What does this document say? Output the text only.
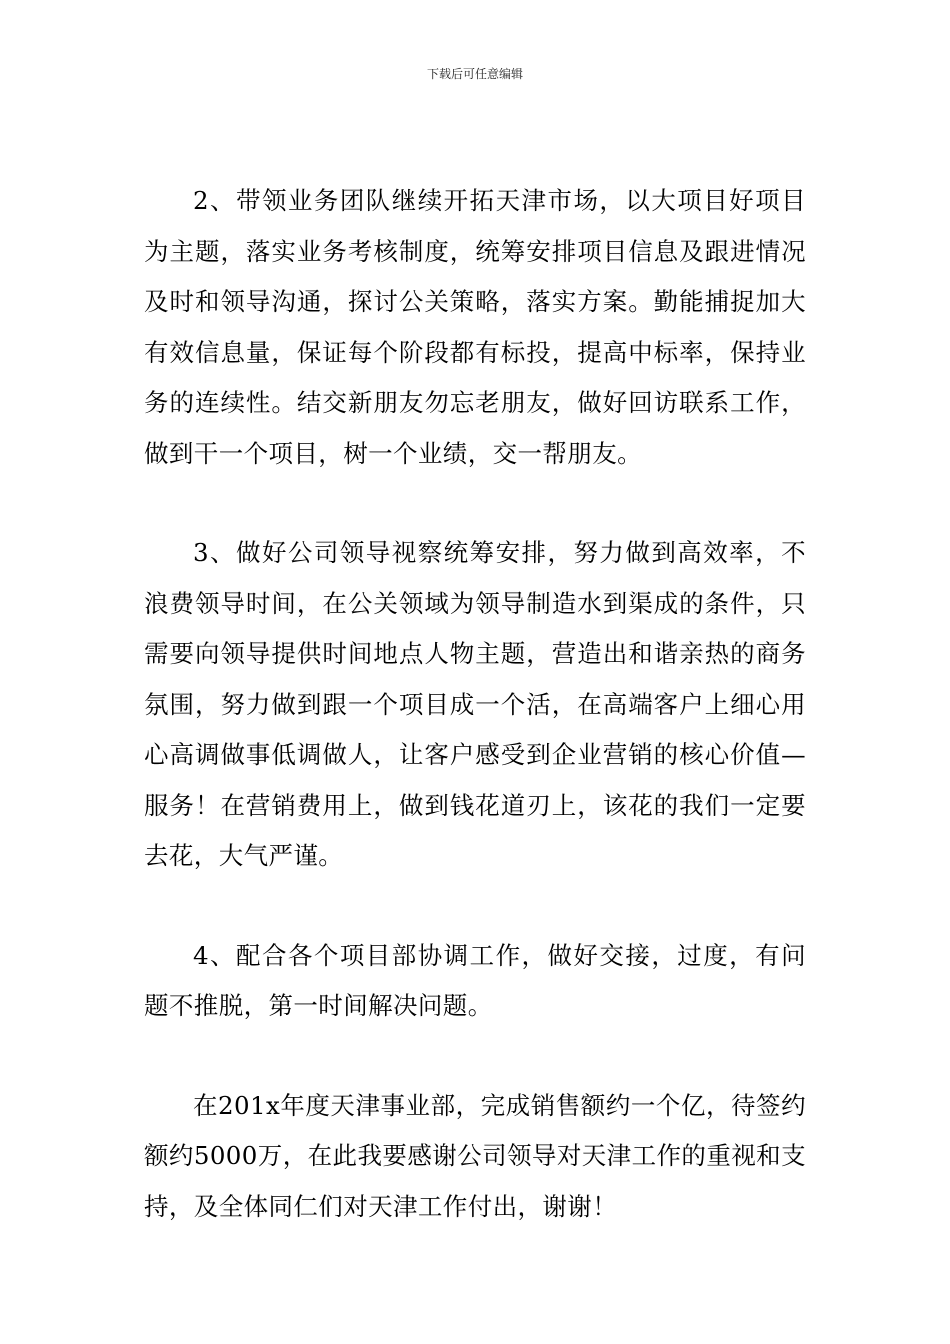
下载后可任意编辑

2、带领业务团队继续开拓天津市场，以大项目好项目为主题，落实业务考核制度，统筹安排项目信息及跟进情况及时和领导沟通，探讨公关策略，落实方案。勤能捕捉加大有效信息量，保证每个阶段都有标投，提高中标率，保持业务的连续性。结交新朋友勿忘老朋友，做好回访联系工作，做到干一个项目，树一个业绩，交一帮朋友。

3、做好公司领导视察统筹安排，努力做到高效率，不浪费领导时间，在公关领域为领导制造水到渠成的条件，只需要向领导提供时间地点人物主题，营造出和谐亲热的商务氛围，努力做到跟一个项目成一个活，在高端客户上细心用心高调做事低调做人，让客户感受到企业营销的核心价值—服务！在营销费用上，做到钱花道刃上，该花的我们一定要去花，大气严谨。

4、配合各个项目部协调工作，做好交接，过度，有问题不推脱，第一时间解决问题。

在201x年度天津事业部，完成销售额约一个亿，待签约额约5000万，在此我要感谢公司领导对天津工作的重视和支持，及全体同仁们对天津工作付出，谢谢！
